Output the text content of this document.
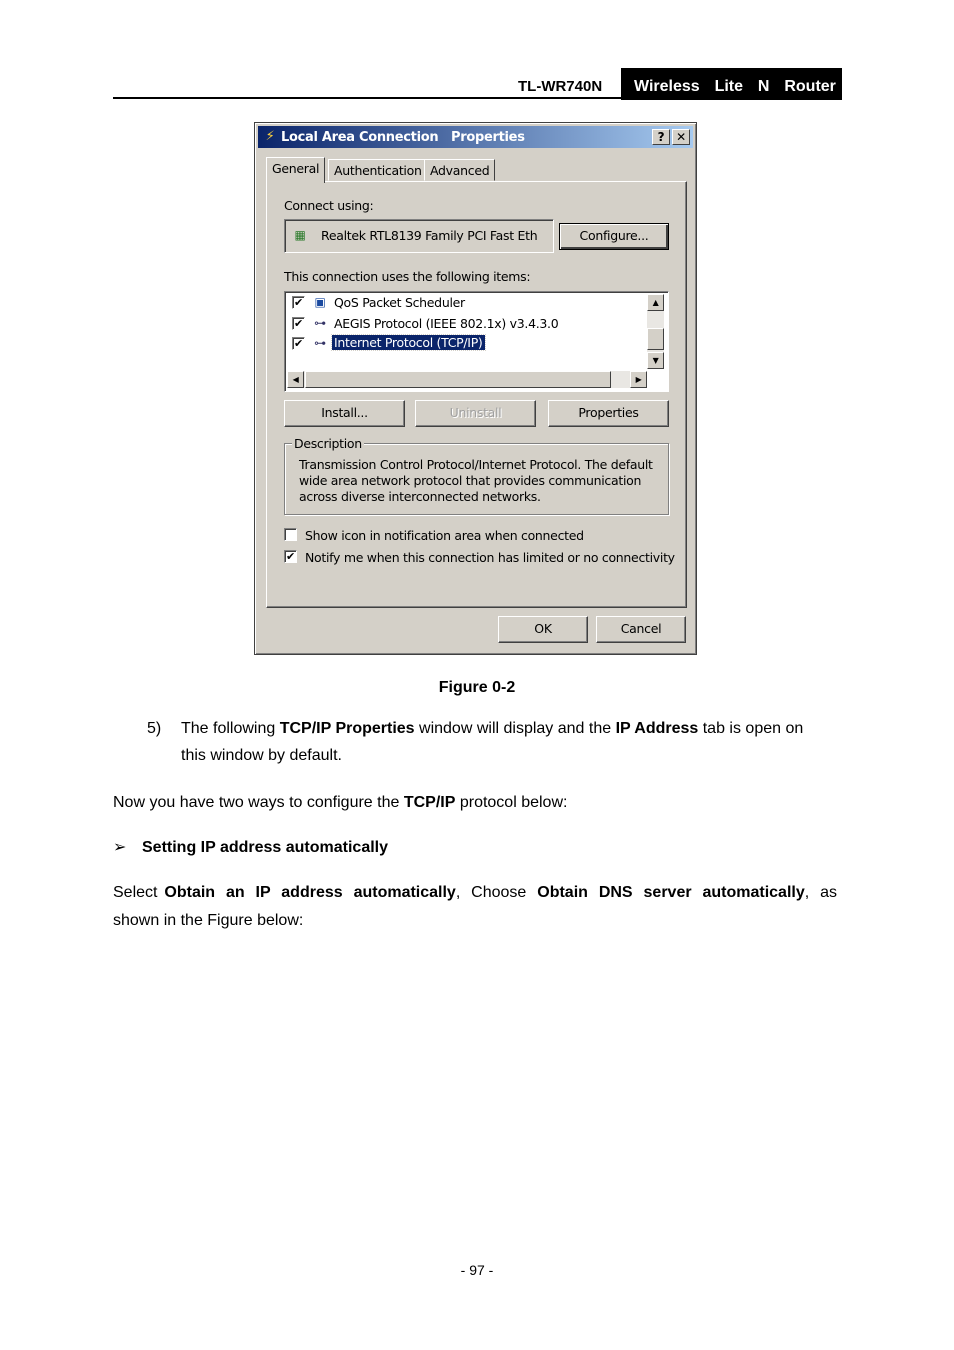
TL-WR740N	Wireless  Lite  N  Router
⚡ Local Area Connection   Properties	? ✕
General	Authentication Advanced
Connect using:
▦ Realtek RTL8139 Family PCI Fast Eth	Configure...
This connection uses the following items:
✔ ▣ QoS Packet Scheduler
✔ ⊶ AEGIS Protocol (IEEE 802.1x) v3.4.3.0
✔ ⊶ Internet Protocol (TCP/IP)
▲
▼
◀	▶
Install...	Uninstall	Properties
Description
Transmission Control Protocol/Internet Protocol. The default
wide area network protocol that provides communication
across diverse interconnected networks.
Show icon in notification area when connected
✔ Notify me when this connection has limited or no connectivity
OK	Cancel
Figure 0-2
5) The following TCP/IP Properties window will display and the IP Address tab is open on
this window by default.
Now you have two ways to configure the TCP/IP protocol below:
➢ Setting IP address automatically
Select Obtain an IP address automatically, Choose Obtain DNS server automatically, as
shown in the Figure below:
- 97 -
